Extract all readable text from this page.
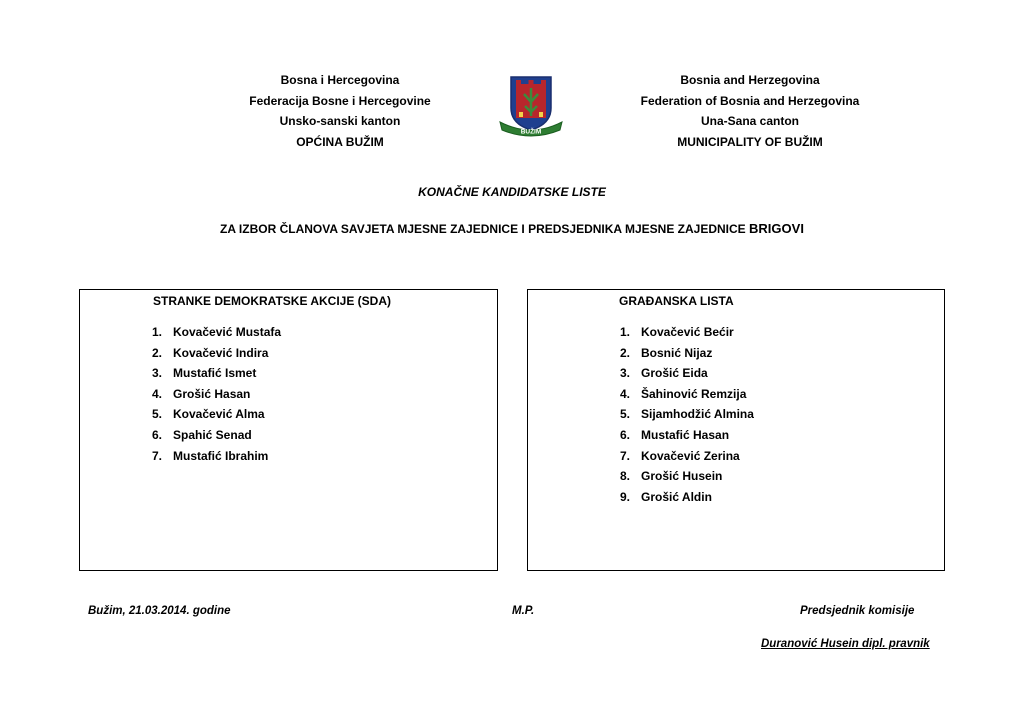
Bosna i Hercegovina
Federacija Bosne i Hercegovine
Unsko-sanski kanton
OPĆINA BUŽIM
BUŽIM
Bosnia and Herzegovina
Federation of Bosnia and Herzegovina
Una-Sana canton
MUNICIPALITY OF BUŽIM
KONAČNE KANDIDATSKE LISTE
ZA IZBOR ČLANOVA SAVJETA MJESNE ZAJEDNICE I PREDSJEDNIKA MJESNE ZAJEDNICE BRIGOVI
STRANKE DEMOKRATSKE AKCIJE (SDA)
1. Kovačević Mustafa
2. Kovačević Indira
3. Mustafić Ismet
4. Grošić Hasan
5. Kovačević Alma
6. Spahić Senad
7. Mustafić Ibrahim
GRAĐANSKA LISTA
1. Kovačević Bećir
2. Bosnić Nijaz
3. Grošić Eida
4. Šahinović Remzija
5. Sijamhodžić Almina
6. Mustafić Hasan
7. Kovačević Zerina
8. Grošić Husein
9. Grošić Aldin
Bužim, 21.03.2014. godine	M.P.	Predsjednik komisije
Duranović Husein dipl. pravnik
